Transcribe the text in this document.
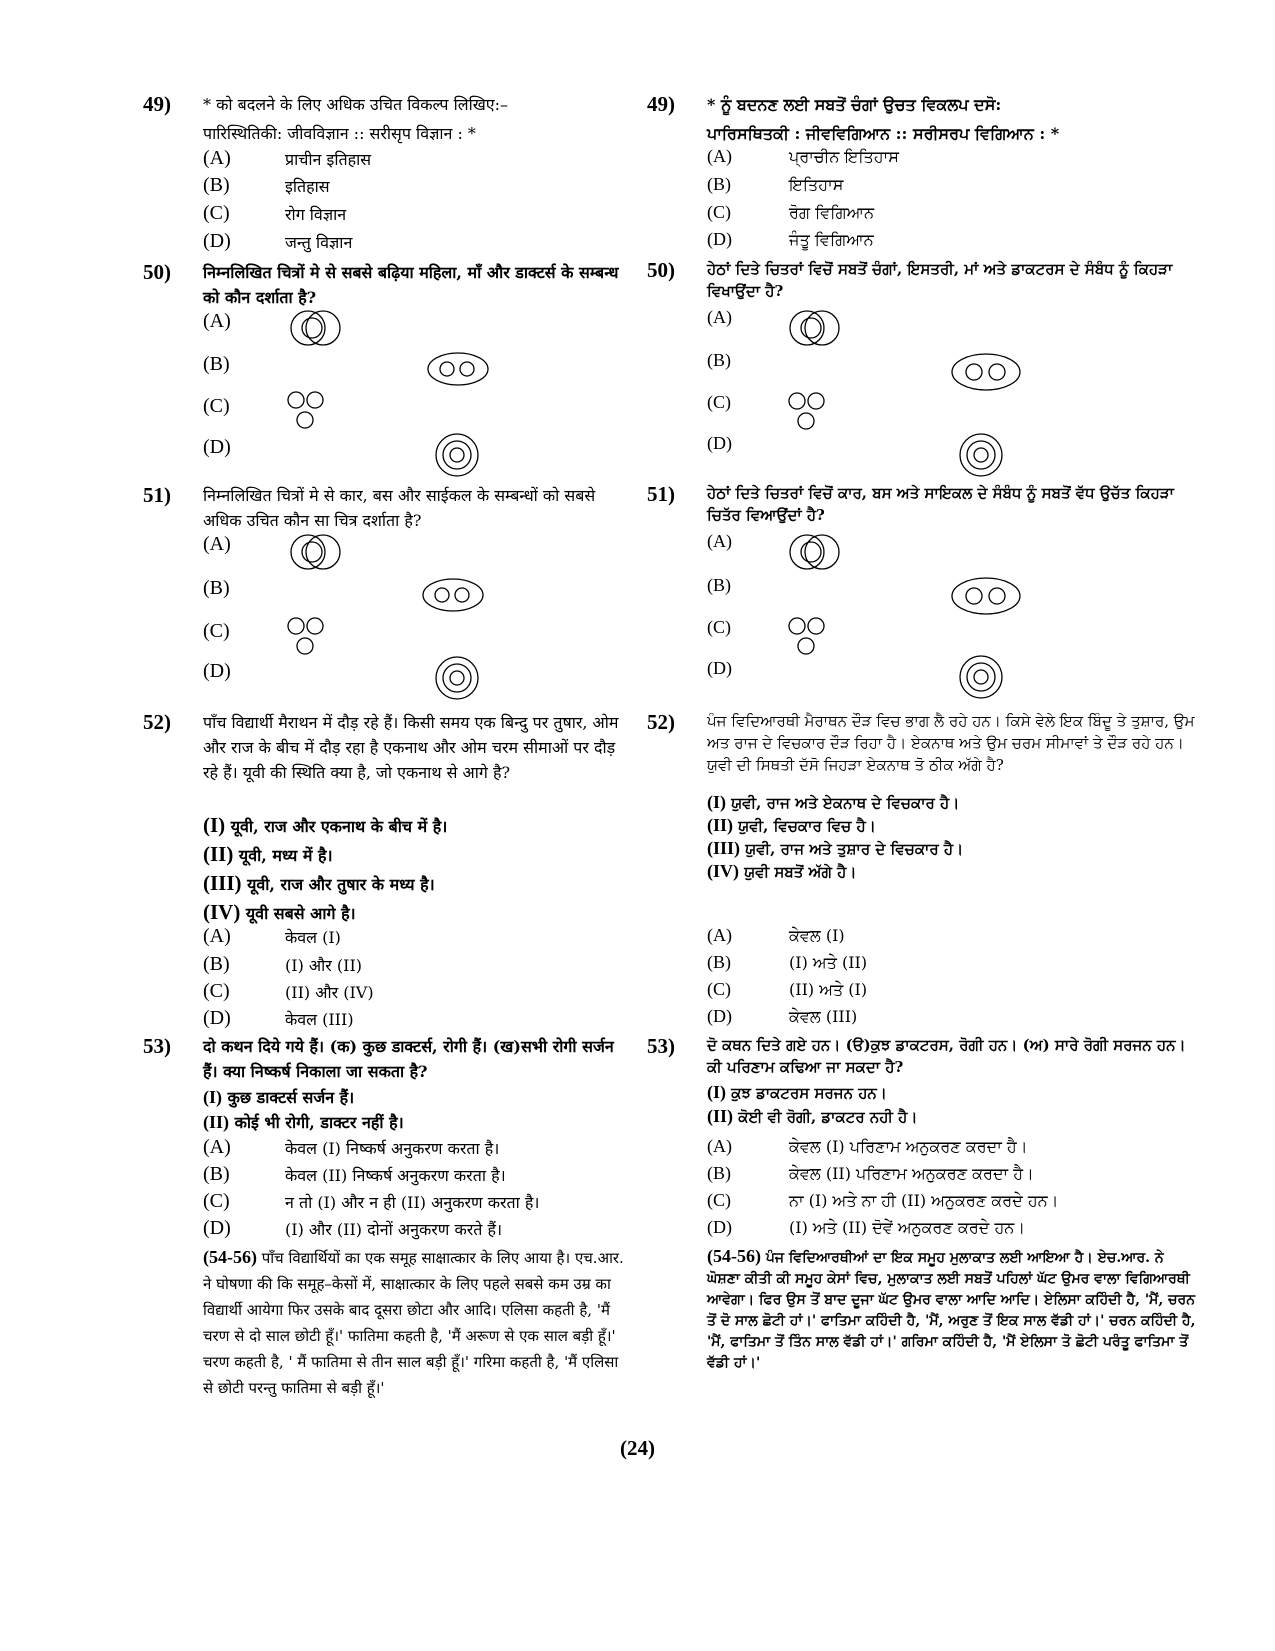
49) * को बदलने के लिए अधिक उचित विकल्प लिखिए:–
पारिस्थितिकी: जीवविज्ञान :: सरीसृप विज्ञान : *
(A)	प्राचीन इतिहास
(B)	इतिहास
(C)	रोग विज्ञान
(D)	जन्तु विज्ञान
50) निम्नलिखित चित्रों मे से सबसे बढ़िया महिला, माँ और डाक्टर्स के सम्बन्ध को कौन दर्शाता है?
(A)
(B)
(C)
(D)
51) निम्नलिखित चित्रों मे से कार, बस और साईकल के सम्बन्धों को सबसे अधिक उचित कौन सा चित्र दर्शाता है?
(A)
(B)
(C)
(D)
52) पाँच विद्यार्थी मैराथन में दौड़ रहे हैं। किसी समय एक बिन्दु पर तुषार, ओम और राज के बीच में दौड़ रहा है एकनाथ और ओम चरम सीमाओं पर दौड़ रहे हैं। यूवी की स्थिति क्या है, जो एकनाथ से आगे है?
(I) यूवी, राज और एकनाथ के बीच में है।
(II) यूवी, मध्य में है।
(III) यूवी, राज और तुषार के मध्य है।
(IV) यूवी सबसे आगे है।
(A)	केवल (I)
(B)	(I) और (II)
(C)	(II) और (IV)
(D)	केवल (III)
53) दो कथन दिये गये हैं। (क) कुछ डाक्टर्स, रोगी हैं। (ख)सभी रोगी सर्जन हैं। क्या निष्कर्ष निकाला जा सकता है?
(I) कुछ डाक्टर्स सर्जन हैं।
(II) कोई भी रोगी, डाक्टर नहीं है।
(A)	केवल (I) निष्कर्ष अनुकरण करता है।
(B)	केवल (II) निष्कर्ष अनुकरण करता है।
(C)	न तो (I) और न ही (II) अनुकरण करता है।
(D)	(I) और (II) दोनों अनुकरण करते हैं।
(54-56) पाँच विद्यार्थियों का एक समूह साक्षात्कार के लिए आया है। एच.आर. ने घोषणा की कि समूह–केसों में, साक्षात्कार के लिए पहले सबसे कम उम्र का विद्यार्थी आयेगा फिर उसके बाद दूसरा छोटा और आदि। एलिसा कहती है, 'मैं चरण से दो साल छोटी हूँ।' फातिमा कहती है, 'मैं अरूण से एक साल बड़ी हूँ।' चरण कहती है, ' मैं फातिमा से तीन साल बड़ी हूँ।' गरिमा कहती है, 'मैं एलिसा से छोटी परन्तु फातिमा से बड़ी हूँ।'
49) * ਨੂੰ ਬਦਨਣ ਲਈ ਸਬਤੋਂ ਚੰਗਾਂ ਉਚਤ ਵਿਕਲਪ ਦਸੋ:
ਪਾਰਿਸਥਿਤਕੀ : ਜੀਵਵਿਗਿਆਨ :: ਸਰੀਸਰਪ ਵਿਗਿਆਨ : *
(A)	ਪ੍ਰਾਚੀਨ ਇਤਿਹਾਸ
(B)	ਇਤਿਹਾਸ
(C)	ਰੋਗ ਵਿਗਿਆਨ
(D)	ਜੰਤੂ ਵਿਗਿਆਨ
50) ਹੇਠਾਂ ਦਿਤੇ ਚਿਤਰਾਂ ਵਿਚੋਂ ਸਬਤੋਂ ਚੰਗਾਂ, ਇਸਤਰੀ, ਮਾਂ ਅਤੇ ਡਾਕਟਰਸ ਦੇ ਸੰਬੰਧ ਨੂੰ ਕਿਹੜਾ ਵਿਖਾਉਂਦਾ ਹੈ?
(A)
(B)
(C)
(D)
51) ਹੇਠਾਂ ਦਿਤੇ ਚਿਤਰਾਂ ਵਿਚੋਂ ਕਾਰ, ਬਸ ਅਤੇ ਸਾਇਕਲ ਦੇ ਸੰਬੰਧ ਨੂੰ ਸਬਤੋਂ ਵੱਧ ਉਚੱਤ ਕਿਹੜਾ ਚਿਤੱਰ ਵਿਆਉਂਦਾਂ ਹੈ?
(A)
(B)
(C)
(D)
52) ਪੰਜ ਵਿਦਿਆਰਥੀ ਮੈਰਾਥਨ ਦੌੜ ਵਿਚ ਭਾਗ ਲੈ ਰਹੇ ਹਨ। ਕਿਸੇ ਵੇਲੇ ਇਕ ਬਿੰਦੂ ਤੇ ਤੁਸ਼ਾਰ, ਉਮ ਅਤ ਰਾਜ ਦੇ ਵਿਚਕਾਰ ਦੌੜ ਰਿਹਾ ਹੈ। ਏਕਨਾਥ ਅਤੇ ਉਮ ਚਰਮ ਸੀਮਾਵਾਂ ਤੇ ਦੌੜ ਰਹੇ ਹਨ। ਯੁਵੀ ਦੀ ਸਿਥਤੀ ਦੱਸੋ ਜਿਹੜਾ ਏਕਨਾਥ ਤੋ ਠੀਕ ਅੱਗੇ ਹੈ?
(I) ਯੁਵੀ, ਰਾਜ ਅਤੇ ਏਕਨਾਥ ਦੇ ਵਿਚਕਾਰ ਹੈ।
(II) ਯੁਵੀ, ਵਿਚਕਾਰ ਵਿਚ ਹੈ।
(III) ਯੁਵੀ, ਰਾਜ ਅਤੇ ਤੁਸ਼ਾਰ ਦੇ ਵਿਚਕਾਰ ਹੈ।
(IV) ਯੁਵੀ ਸਬਤੋਂ ਅੱਗੇ ਹੈ।
(A)	ਕੇਵਲ (I)
(B)	(I) ਅਤੇ (II)
(C)	(II) ਅਤੇ (I)
(D)	ਕੇਵਲ (III)
53) ਦੋ ਕਥਨ ਦਿਤੇ ਗਏ ਹਨ। (ੳ)ਕੁਝ ਡਾਕਟਰਸ, ਰੋਗੀ ਹਨ। (ਅ) ਸਾਰੇ ਰੋਗੀ ਸਰਜਨ ਹਨ। ਕੀ ਪਰਿਣਾਮ ਕਢਿਆ ਜਾ ਸਕਦਾ ਹੈ?
(I) ਕੁਝ ਡਾਕਟਰਸ ਸਰਜਨ ਹਨ।
(II) ਕੋਈ ਵੀ ਰੋਗੀ, ਡਾਕਟਰ ਨਹੀ ਹੈ।
(A)	ਕੇਵਲ (I) ਪਰਿਣਾਮ ਅਨੁਕਰਣ ਕਰਦਾ ਹੈ।
(B)	ਕੇਵਲ (II) ਪਰਿਣਾਮ ਅਨੁਕਰਣ ਕਰਦਾ ਹੈ।
(C)	ਨਾ (I) ਅਤੇ ਨਾ ਹੀ (II) ਅਨੁਕਰਣ ਕਰਦੇ ਹਨ।
(D)	(I) ਅਤੇ (II) ਦੋਵੇਂ ਅਨੁਕਰਣ ਕਰਦੇ ਹਨ।
(54-56) ਪੰਜ ਵਿਦਿਆਰਥੀਆਂ ਦਾ ਇਕ ਸਮੂਹ ਮੁਲਾਕਾਤ ਲਈ ਆਇਆ ਹੈ। ਏਚ.ਆਰ. ਨੇ ਘੋਸ਼ਣਾ ਕੀਤੀ ਕੀ ਸਮੂਹ ਕੇਸਾਂ ਵਿਚ, ਮੁਲਾਕਾਤ ਲਈ ਸਬਤੋਂ ਪਹਿਲਾਂ ਘੱਟ ਉਮਰ ਵਾਲਾ ਵਿਗਿਆਰਥੀ ਆਵੇਗਾ। ਫਿਰ ਉਸ ਤੋਂ ਬਾਦ ਦੂਜਾ ਘੱਟ ਉਮਰ ਵਾਲਾ ਆਦਿ ਆਦਿ। ਏਲਿਸਾ ਕਹਿੰਦੀ ਹੈ, 'ਮੈਂ, ਚਰਨ ਤੋਂ ਦੋ ਸਾਲ ਛੋਟੀ ਹਾਂ।' ਫਾਤਿਮਾ ਕਹਿੰਦੀ ਹੈ, 'ਮੈਂ, ਅਰੁਣ ਤੋਂ ਇਕ ਸਾਲ ਵੱਡੀ ਹਾਂ।' ਚਰਨ ਕਹਿੰਦੀ ਹੈ, 'ਮੈਂ, ਫਾਤਿਮਾ ਤੋਂ ਤਿੰਨ ਸਾਲ ਵੱਡੀ ਹਾਂ।' ਗਰਿਮਾ ਕਹਿੰਦੀ ਹੈ, 'ਮੈਂ ਏਲਿਸਾ ਤੋ ਛੋਟੀ ਪਰੰਤੂ ਫਾਤਿਮਾ ਤੋਂ ਵੱਡੀ ਹਾਂ।'
(24)
